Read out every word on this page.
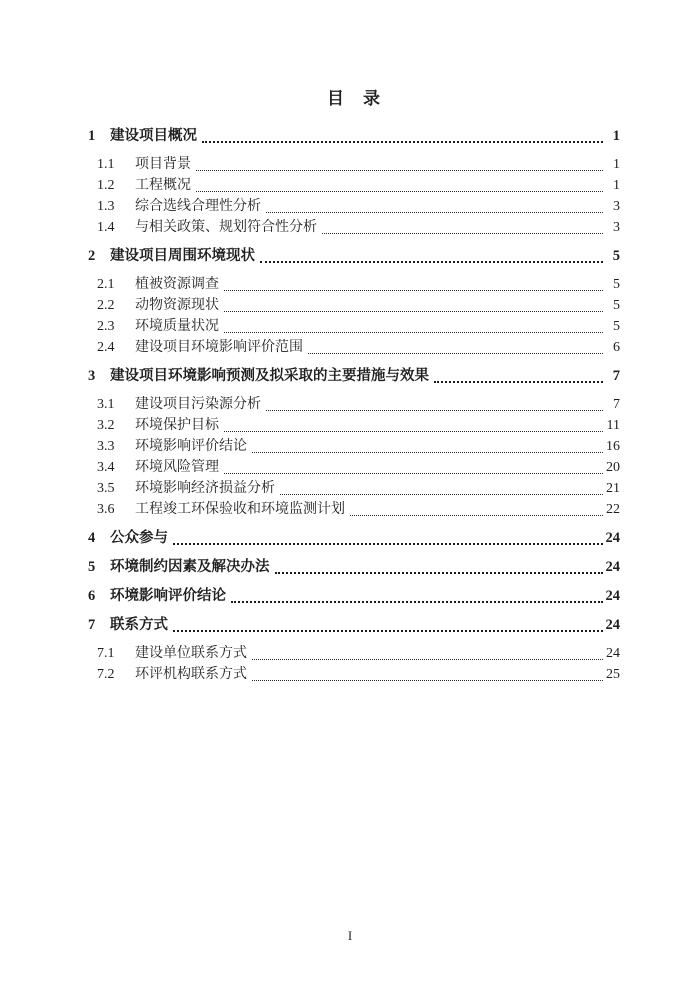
目　录
1	建设项目概况	1
1.1	项目背景	1
1.2	工程概况	1
1.3	综合选线合理性分析	3
1.4	与相关政策、规划符合性分析	3
2	建设项目周围环境现状	5
2.1	植被资源调查	5
2.2	动物资源现状	5
2.3	环境质量状况	5
2.4	建设项目环境影响评价范围	6
3	建设项目环境影响预测及拟采取的主要措施与效果	7
3.1	建设项目污染源分析	7
3.2	环境保护目标	11
3.3	环境影响评价结论	16
3.4	环境风险管理	20
3.5	环境影响经济损益分析	21
3.6	工程竣工环保验收和环境监测计划	22
4	公众参与	24
5	环境制约因素及解决办法	24
6	环境影响评价结论	24
7	联系方式	24
7.1	建设单位联系方式	24
7.2	环评机构联系方式	25
I
